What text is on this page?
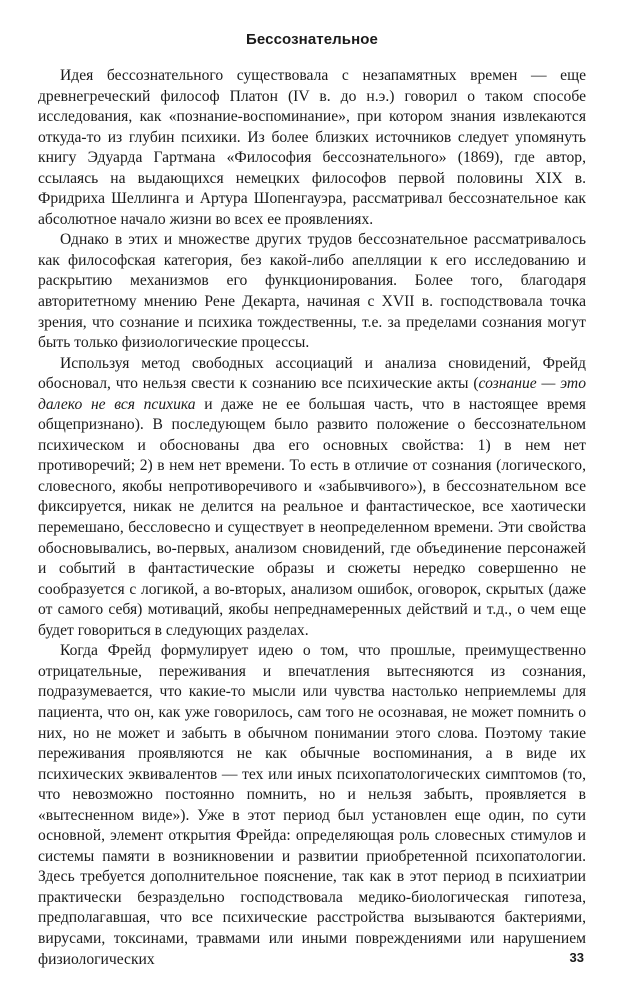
Бессознательное

Идея бессознательного существовала с незапамятных времен — еще древнегреческий философ Платон (IV в. до н.э.) говорил о таком способе исследования, как «познание-воспоминание», при котором знания извлекаются откуда-то из глубин психики. Из более близких источников следует упомянуть книгу Эдуарда Гартмана «Философия бессознательного» (1869), где автор, ссылаясь на выдающихся немецких философов первой половины XIX в. Фридриха Шеллинга и Артура Шопенгауэра, рассматривал бессознательное как абсолютное начало жизни во всех ее проявлениях.

Однако в этих и множестве других трудов бессознательное рассматривалось как философская категория, без какой-либо апелляции к его исследованию и раскрытию механизмов его функционирования. Более того, благодаря авторитетному мнению Рене Декарта, начиная с XVII в. господствовала точка зрения, что сознание и психика тождественны, т.е. за пределами сознания могут быть только физиологические процессы.

Используя метод свободных ассоциаций и анализа сновидений, Фрейд обосновал, что нельзя свести к сознанию все психические акты (сознание — это далеко не вся психика и даже не ее большая часть, что в настоящее время общепризнано). В последующем было развито положение о бессознательном психическом и обоснованы два его основных свойства: 1) в нем нет противоречий; 2) в нем нет времени. То есть в отличие от сознания (логического, словесного, якобы непротиворечивого и «забывчивого»), в бессознательном все фиксируется, никак не делится на реальное и фантастическое, все хаотически перемешано, бессловесно и существует в неопределенном времени. Эти свойства обосновывались, во-первых, анализом сновидений, где объединение персонажей и событий в фантастические образы и сюжеты нередко совершенно не сообразуется с логикой, а во-вторых, анализом ошибок, оговорок, скрытых (даже от самого себя) мотиваций, якобы непреднамеренных действий и т.д., о чем еще будет говориться в следующих разделах.

Когда Фрейд формулирует идею о том, что прошлые, преимущественно отрицательные, переживания и впечатления вытесняются из сознания, подразумевается, что какие-то мысли или чувства настолько неприемлемы для пациента, что он, как уже говорилось, сам того не осознавая, не может помнить о них, но не может и забыть в обычном понимании этого слова. Поэтому такие переживания проявляются не как обычные воспоминания, а в виде их психических эквивалентов — тех или иных психопатологических симптомов (то, что невозможно постоянно помнить, но и нельзя забыть, проявляется в «вытесненном виде»). Уже в этот период был установлен еще один, по сути основной, элемент открытия Фрейда: определяющая роль словесных стимулов и системы памяти в возникновении и развитии приобретенной психопатологии. Здесь требуется дополнительное пояснение, так как в этот период в психиатрии практически безраздельно господствовала медико-биологическая гипотеза, предполагавшая, что все психические расстройства вызываются бактериями, вирусами, токсинами, травмами или иными повреждениями или нарушением физиологических	33
